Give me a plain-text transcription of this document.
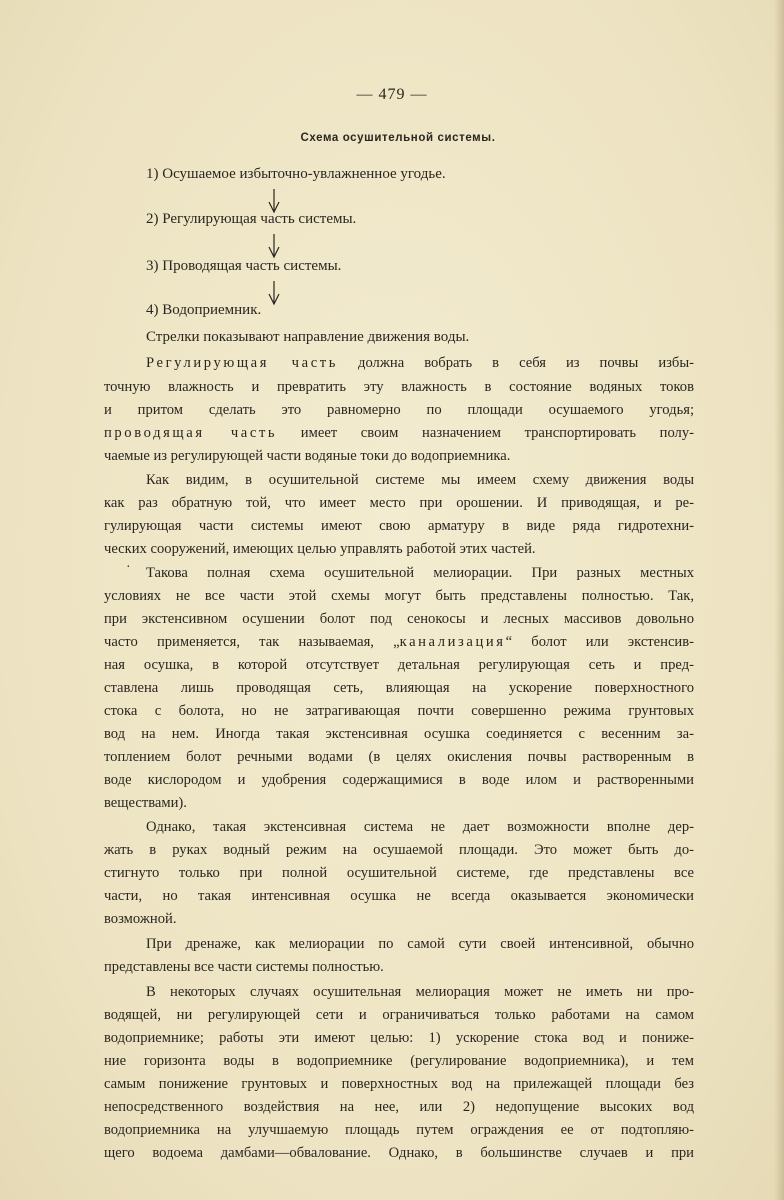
— 479 —
Схема осушительной системы.
1) Осушаемое избыточно-увлажненное угодье.
2) Регулирующая часть системы.
3) Проводящая часть системы.
4) Водоприемник.
Стрелки показывают направление движения воды.
·
Регулирующая часть должна вобрать в себя из почвы избы-
точную влажность и превратить эту влажность в состояние водяных токов
и притом сделать это равномерно по площади осушаемого угодья;
проводящая часть имеет своим назначением транспортировать полу-
чаемые из регулирующей части водяные токи до водоприемника.
Как видим, в осушительной системе мы имеем схему движения воды
как раз обратную той, что имеет место при орошении. И приводящая, и ре-
гулирующая части системы имеют свою арматуру в виде ряда гидротехни-
ческих сооружений, имеющих целью управлять работой этих частей.
Такова полная схема осушительной мелиорации. При разных местных
условиях не все части этой схемы могут быть представлены полностью. Так,
при экстенсивном осушении болот под сенокосы и лесных массивов довольно
часто применяется, так называемая, „канализация“ болот или экстенсив-
ная осушка, в которой отсутствует детальная регулирующая сеть и пред-
ставлена лишь проводящая сеть, влияющая на ускорение поверхностного
стока с болота, но не затрагивающая почти совершенно режима грунтовых
вод на нем. Иногда такая экстенсивная осушка соединяется с весенним за-
топлением болот речными водами (в целях окисления почвы растворенным в
воде кислородом и удобрения содержащимися в воде илом и растворенными
веществами).
Однако, такая экстенсивная система не дает возможности вполне дер-
жать в руках водный режим на осушаемой площади. Это может быть до-
стигнуто только при полной осушительной системе, где представлены все
части, но такая интенсивная осушка не всегда оказывается экономически
возможной.
При дренаже, как мелиорации по самой сути своей интенсивной, обычно
представлены все части системы полностью.
В некоторых случаях осушительная мелиорация может не иметь ни про-
водящей, ни регулирующей сети и ограничиваться только работами на самом
водоприемнике; работы эти имеют целью: 1) ускорение стока вод и пониже-
ние горизонта воды в водоприемнике (регулирование водоприемника), и тем
самым понижение грунтовых и поверхностных вод на прилежащей площади без
непосредственного воздействия на нее, или 2) недопущение высоких вод
водоприемника на улучшаемую площадь путем ограждения ее от подтопляю-
щего водоема дамбами—обвалование. Однако, в большинстве случаев и при
